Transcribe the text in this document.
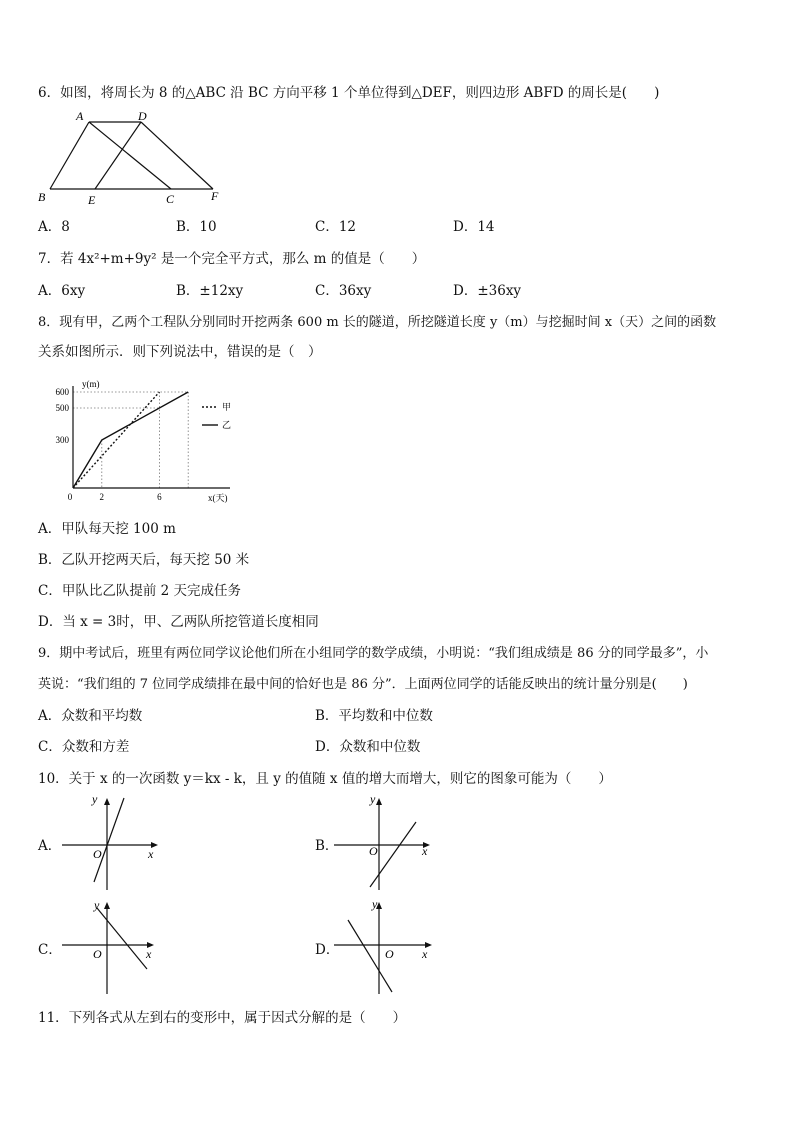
6．如图，将周长为 8 的△ABC 沿 BC 方向平移 1 个单位得到△DEF，则四边形 ABFD 的周长是(　　)
A	D
B	E	C	F
A．8	B．10	C．12	D．14
7．若 4x²+m+9y² 是一个完全平方式，那么 m 的值是（　　）
A．6xy	B．±12xy	C．36xy	D．±36xy
8．现有甲，乙两个工程队分别同时开挖两条 600 m 长的隧道，所挖隧道长度 y（m）与挖掘时间 x（天）之间的函数
关系如图所示．则下列说法中，错误的是（　）
y(m)
x(天)
300
500
600
0	2	6
甲
乙
A．甲队每天挖 100 m
B．乙队开挖两天后，每天挖 50 米
C．甲队比乙队提前 2 天完成任务
D．当 x = 3时，甲、乙两队所挖管道长度相同
9．期中考试后，班里有两位同学议论他们所在小组同学的数学成绩，小明说：“我们组成绩是 86 分的同学最多”，小
英说：“我们组的 7 位同学成绩排在最中间的恰好也是 86 分”．上面两位同学的话能反映出的统计量分别是(　　)
A．众数和平均数	B．平均数和中位数
C．众数和方差	D．众数和中位数
10．关于 x 的一次函数 y＝kx - k，且 y 的值随 x 值的增大而增大，则它的图象可能为（　　）
A．
y
x
O	B．
y
x
O
C．
y
x
O	D．
y
x
O
11．下列各式从左到右的变形中，属于因式分解的是（　　）
